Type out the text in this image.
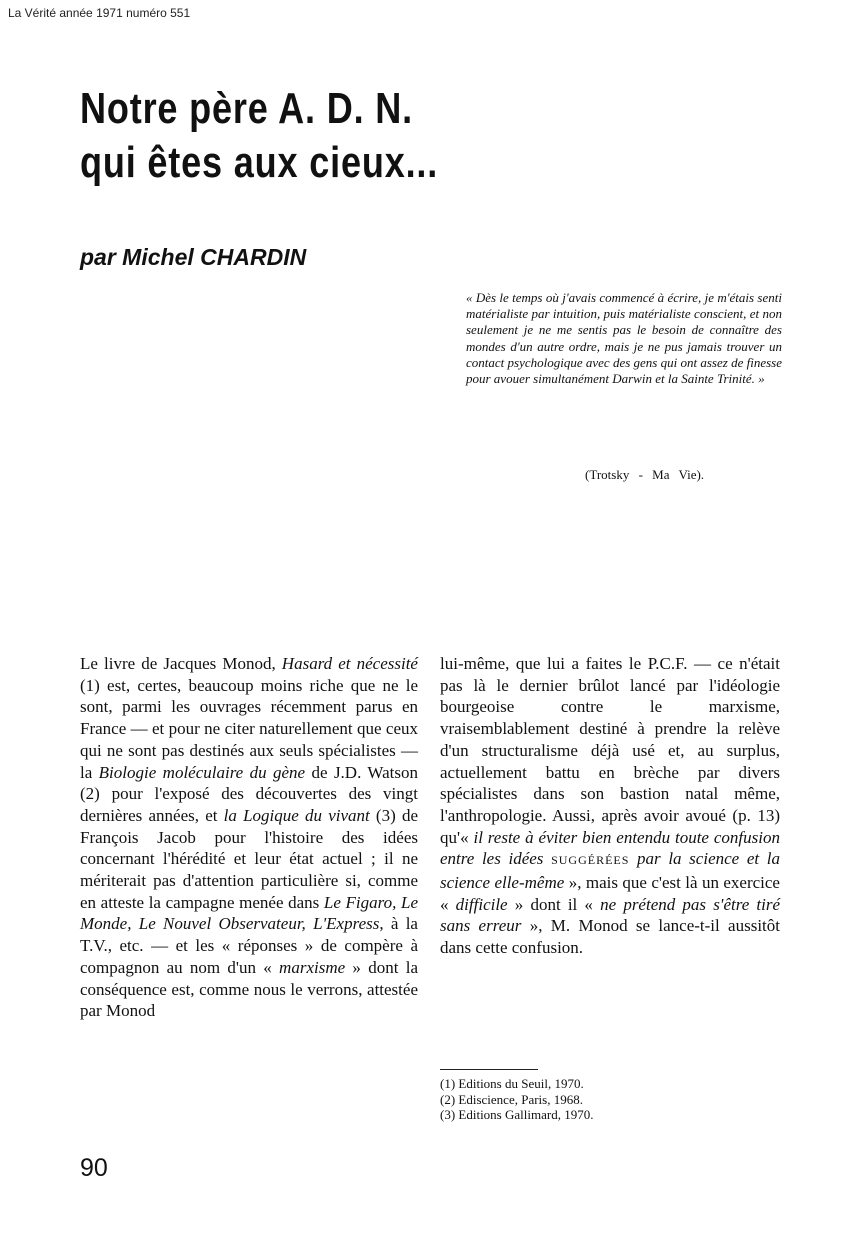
La Vérité année 1971 numéro 551
Notre père A. D. N.
qui êtes aux cieux...
par Michel CHARDIN
« Dès le temps où j'avais commencé à écrire, je m'étais senti matérialiste par intuition, puis matérialiste conscient, et non seulement je ne me sentis pas le besoin de connaître des mondes d'un autre ordre, mais je ne pus jamais trouver un contact psychologique avec des gens qui ont assez de finesse pour avouer simultanément Darwin et la Sainte Trinité. »
(Trotsky - Ma Vie).
Le livre de Jacques Monod, Hasard et nécessité (1) est, certes, beaucoup moins riche que ne le sont, parmi les ouvrages récemment parus en France — et pour ne citer naturellement que ceux qui ne sont pas destinés aux seuls spécialistes — la Biologie moléculaire du gène de J.D. Watson (2) pour l'exposé des découvertes des vingt dernières années, et la Logique du vivant (3) de François Jacob pour l'histoire des idées concernant l'hérédité et leur état actuel ; il ne mériterait pas d'attention particulière si, comme en atteste la campagne menée dans Le Figaro, Le Monde, Le Nouvel Observateur, L'Express, à la T.V., etc. — et les « réponses » de compère à compagnon au nom d'un « marxisme » dont la conséquence est, comme nous le verrons, attestée par Monod
lui-même, que lui a faites le P.C.F. — ce n'était pas là le dernier brûlot lancé par l'idéologie bourgeoise contre le marxisme, vraisemblablement destiné à prendre la relève d'un structuralisme déjà usé et, au surplus, actuellement battu en brèche par divers spécialistes dans son bastion natal même, l'anthropologie. Aussi, après avoir avoué (p. 13) qu'« il reste à éviter bien entendu toute confusion entre les idées SUGGÉRÉES par la science et la science elle-même », mais que c'est là un exercice « difficile » dont il « ne prétend pas s'être tiré sans erreur », M. Monod se lance-t-il aussitôt dans cette confusion.
(1) Editions du Seuil, 1970.
(2) Ediscience, Paris, 1968.
(3) Editions Gallimard, 1970.
90
